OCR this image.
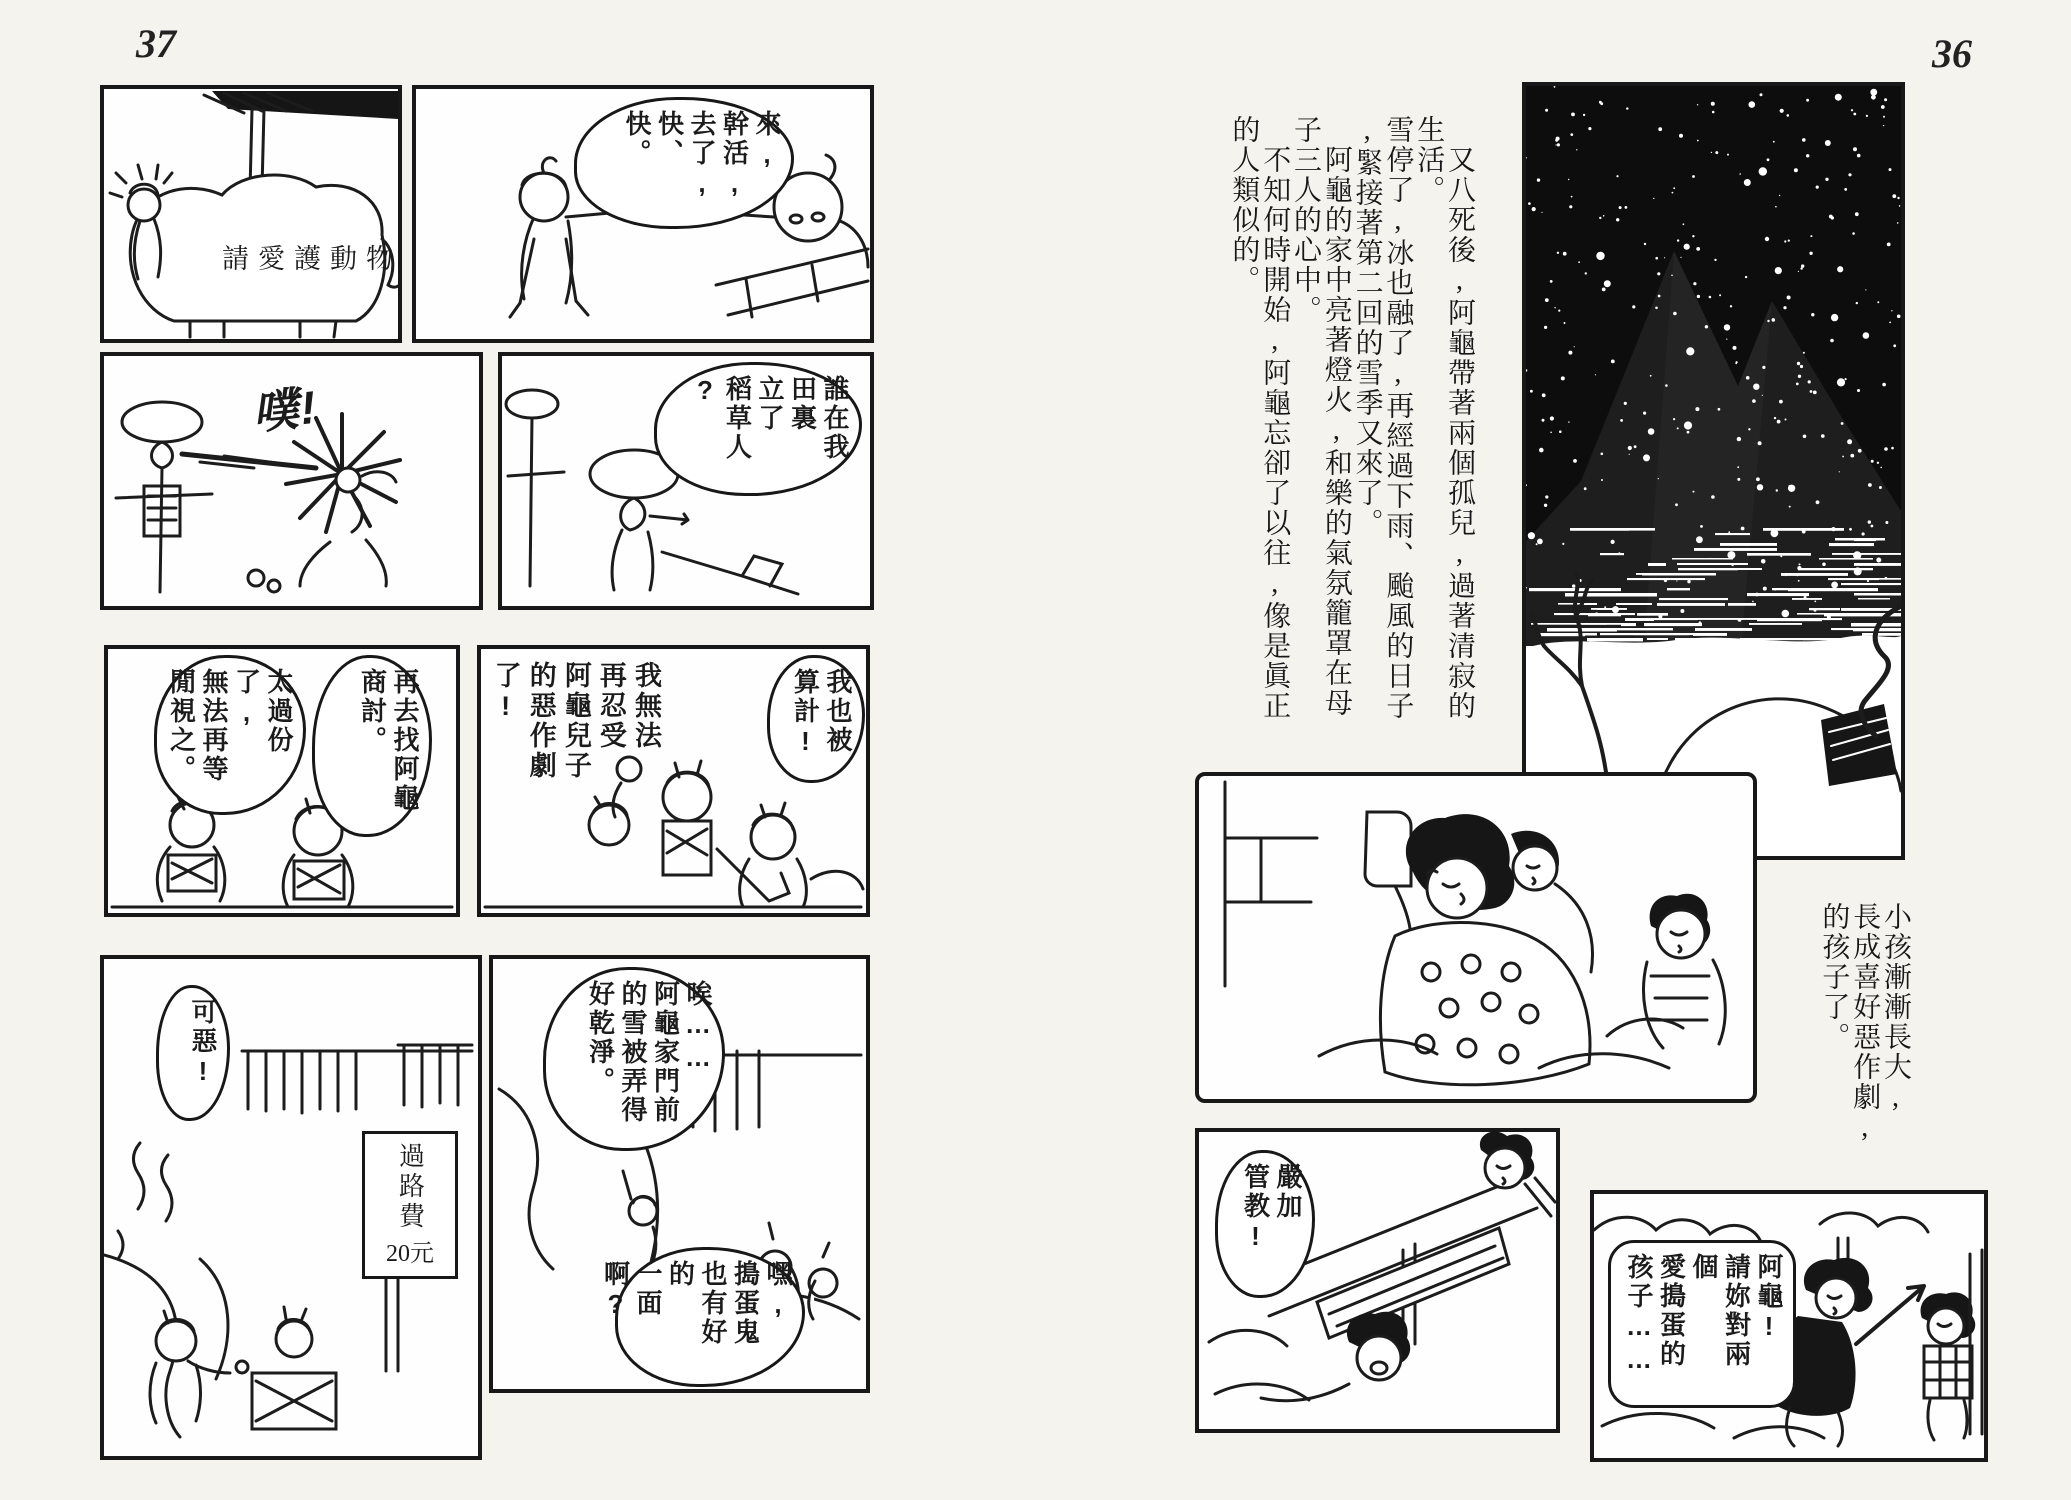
37	36
請愛護動物
來,
幹活,
去了,
快、
快。
噗!	誰在我
田裏
立了
稻草人
?
太過份
了,
無法再等
閒視之。	再去找阿龜
商討。	我無法
再忍受
阿龜兒子
的惡作劇
了!	我也被
算計!
可惡!
過路費
20元
唉……
阿龜家門前
的雪被弄得
好乾淨。
嘿,
搗蛋鬼
也有好的
一面
啊?
　又八死後,阿龜帶著兩個孤兒,過著清寂的
生活。
雪停了,冰也融了,再經過下雨、颱風的日子
,緊接著第二回的雪季又來了。
　阿龜的家中亮著燈火,和樂的氣氛籠罩在母
子三人的心中。
　不知何時開始,阿龜忘卻了以往,像是眞正
的人類似的。
小孩漸漸長大,
長成喜好惡作劇,
的孩子了。
嚴加
管教!
阿龜!
請妳對兩個
愛搗蛋的
孩子……
